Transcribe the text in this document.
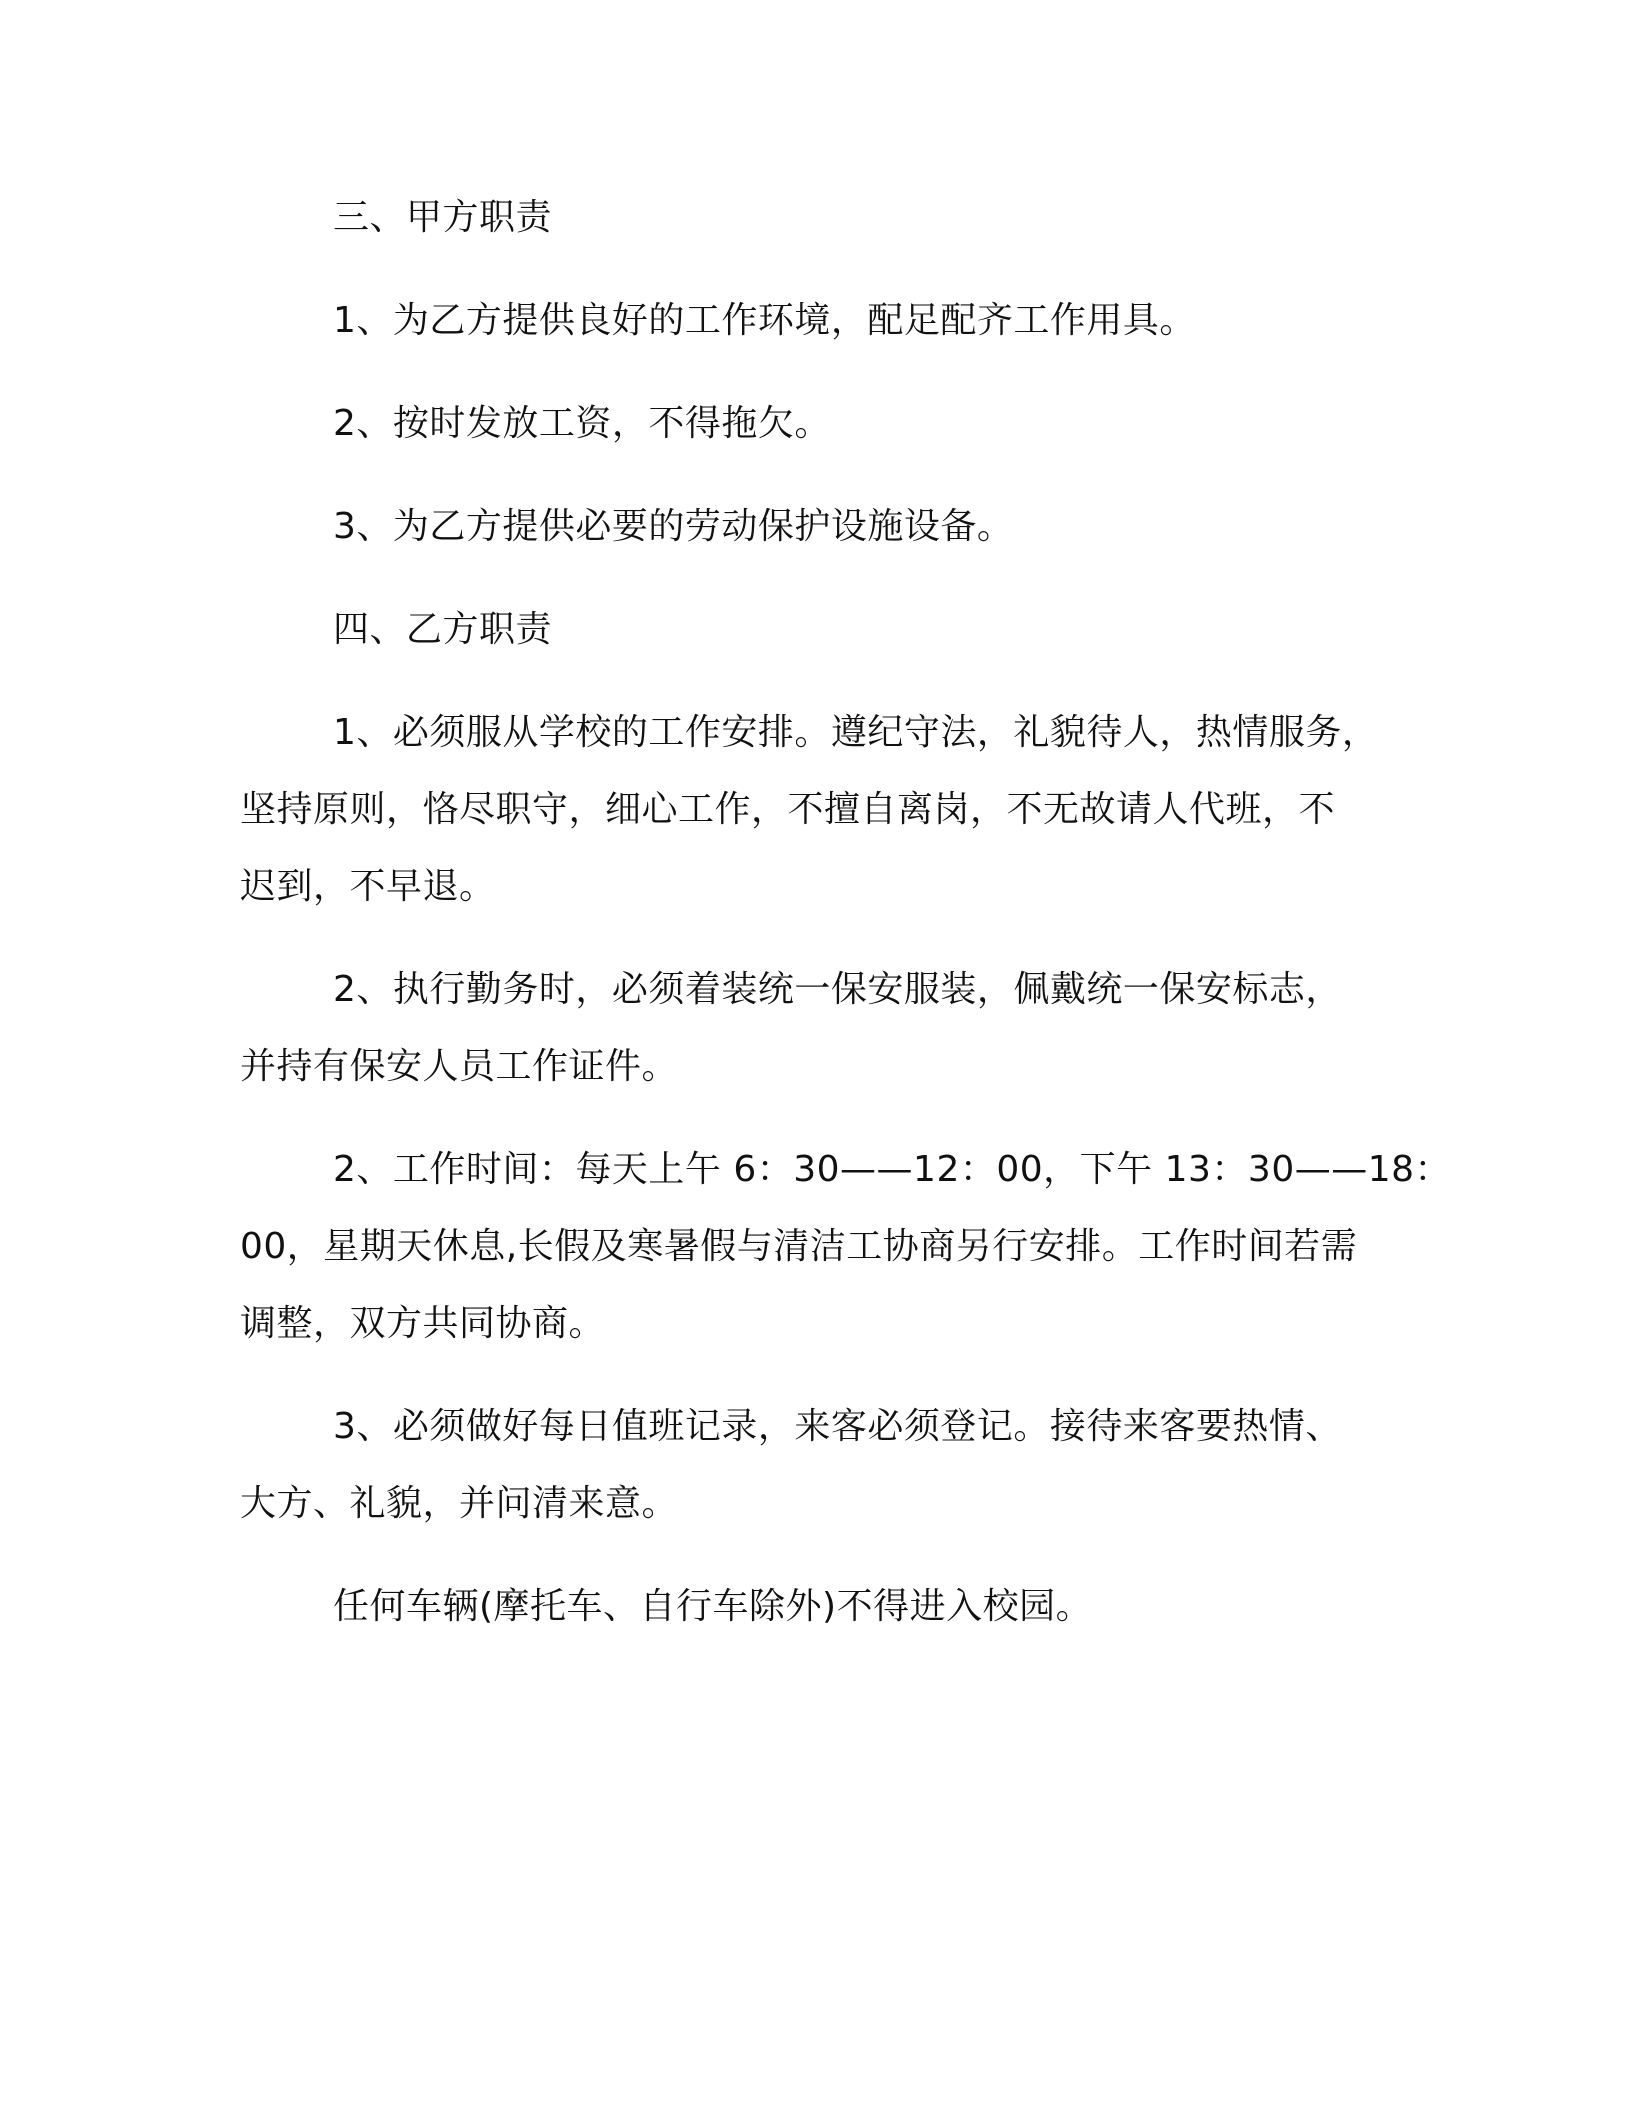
三、甲方职责
1、为乙方提供良好的工作环境，配足配齐工作用具。
2、按时发放工资，不得拖欠。
3、为乙方提供必要的劳动保护设施设备。
四、乙方职责
1、必须服从学校的工作安排。遵纪守法，礼貌待人，热情服务，
坚持原则，恪尽职守，细心工作，不擅自离岗，不无故请人代班，不
迟到，不早退。
2、执行勤务时，必须着装统一保安服装，佩戴统一保安标志，
并持有保安人员工作证件。
2、工作时间：每天上午 6：30——12：00，下午 13：30——18：
00，星期天休息,长假及寒暑假与清洁工协商另行安排。工作时间若需
调整，双方共同协商。
3、必须做好每日值班记录，来客必须登记。接待来客要热情、
大方、礼貌，并问清来意。
任何车辆(摩托车、自行车除外)不得进入校园。
